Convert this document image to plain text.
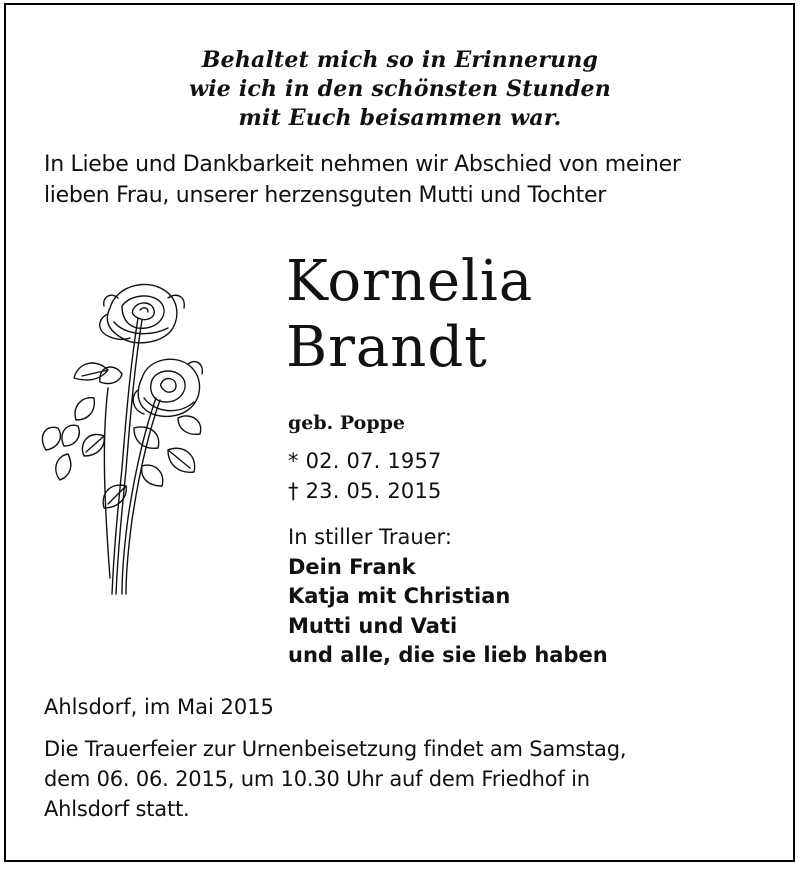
Behaltet mich so in Erinnerung
wie ich in den schönsten Stunden
mit Euch beisammen war.
In Liebe und Dankbarkeit nehmen wir Abschied von meiner
lieben Frau, unserer herzensguten Mutti und Tochter
Kornelia
Brandt
geb. Poppe
* 02. 07. 1957
† 23. 05. 2015
In stiller Trauer:
Dein Frank
Katja mit Christian
Mutti und Vati
und alle, die sie lieb haben
Ahlsdorf, im Mai 2015
Die Trauerfeier zur Urnenbeisetzung findet am Samstag,
dem 06. 06. 2015, um 10.30 Uhr auf dem Friedhof in
Ahlsdorf statt.
